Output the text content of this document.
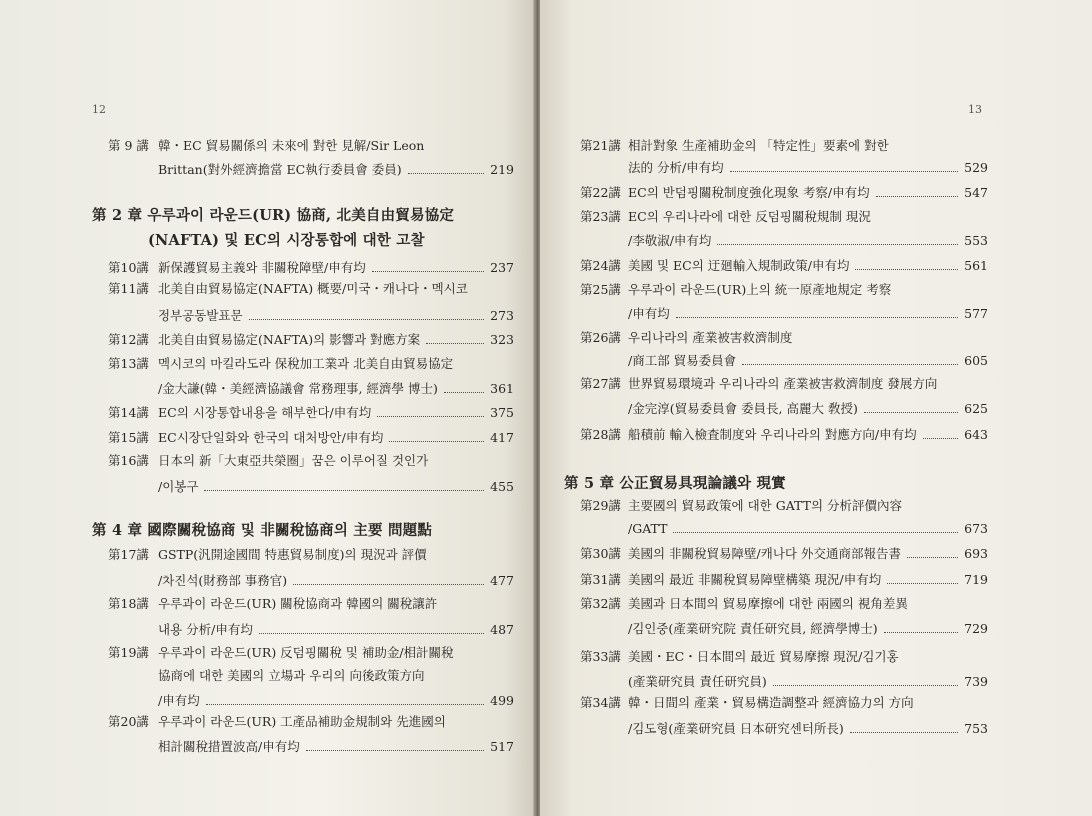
12
第 9 講 韓・EC 貿易關係의 未來에 對한 見解/Sir Leon
Brittan(對外經濟擔當 EC執行委員會 委員)	219
第 2 章 우루과이 라운드(UR) 協商, 北美自由貿易協定
(NAFTA) 및 EC의 시장통합에 대한 고찰
第10講 新保護貿易主義와 非關稅障壁/申有均	237
第11講 北美自由貿易協定(NAFTA) 概要/미국・캐나다・멕시코
정부공동발표문	273
第12講 北美自由貿易協定(NAFTA)의 影響과 對應方案	323
第13講 멕시코의 마킬라도라 保稅加工業과 北美自由貿易協定
/金大謙(韓・美經濟協議會 常務理事, 經濟學 博士)	361
第14講 EC의 시장통합내용을 해부한다/申有均	375
第15講 EC시장단일화와 한국의 대처방안/申有均	417
第16講 日本의 新「大東亞共榮圈」꿈은 이루어질 것인가
/이봉구	455
第 4 章 國際關稅協商 및 非關稅協商의 主要 問題點
第17講 GSTP(汎開途國間 特惠貿易制度)의 現況과 評價
/차진석(財務部 事務官)	477
第18講 우루과이 라운드(UR) 關稅協商과 韓國의 關稅讓許
내용 分析/申有均	487
第19講 우루과이 라운드(UR) 反덤핑關稅 및 補助金/相計關稅
協商에 대한 美國의 立場과 우리의 向後政策方向
/申有均	499
第20講 우루과이 라운드(UR) 工產品補助金規制와 先進國의
相計關稅措置波高/申有均	517
13
第21講 相計對象 生產補助金의 「特定性」要素에 對한
法的 分析/申有均	529
第22講 EC의 반덤핑關稅制度強化現象 考察/申有均	547
第23講 EC의 우리나라에 대한 反덤핑關稅規制 現況
/李敬淑/申有均	553
第24講 美國 및 EC의 迂廻輸入規制政策/申有均	561
第25講 우루과이 라운드(UR)上의 統一原產地規定 考察
/申有均	577
第26講 우리나라의 產業被害救濟制度
/商工部 貿易委員會	605
第27講 世界貿易環境과 우리나라의 產業被害救濟制度 發展方向
/金完淳(貿易委員會 委員長, 高麗大 敎授)	625
第28講 船積前 輸入檢査制度와 우리나라의 對應方向/申有均	643
第 5 章 公正貿易具現論議와 現實
第29講 主要國의 貿易政策에 대한 GATT의 分析評價內容
/GATT	673
第30講 美國의 非關稅貿易障壁/캐나다 外交通商部報告書	693
第31講 美國의 最近 非關稅貿易障壁構築 現況/申有均	719
第32講 美國과 日本間의 貿易摩擦에 대한 兩國의 視角差異
/김인중(產業研究院 責任研究員, 經濟學博士)	729
第33講 美國・EC・日本間의 最近 貿易摩擦 現況/김기홍
(產業研究員 責任研究員)	739
第34講 韓・日間의 產業・貿易構造調整과 經濟協力의 方向
/김도형(產業研究員 日本研究센터所長)	753
